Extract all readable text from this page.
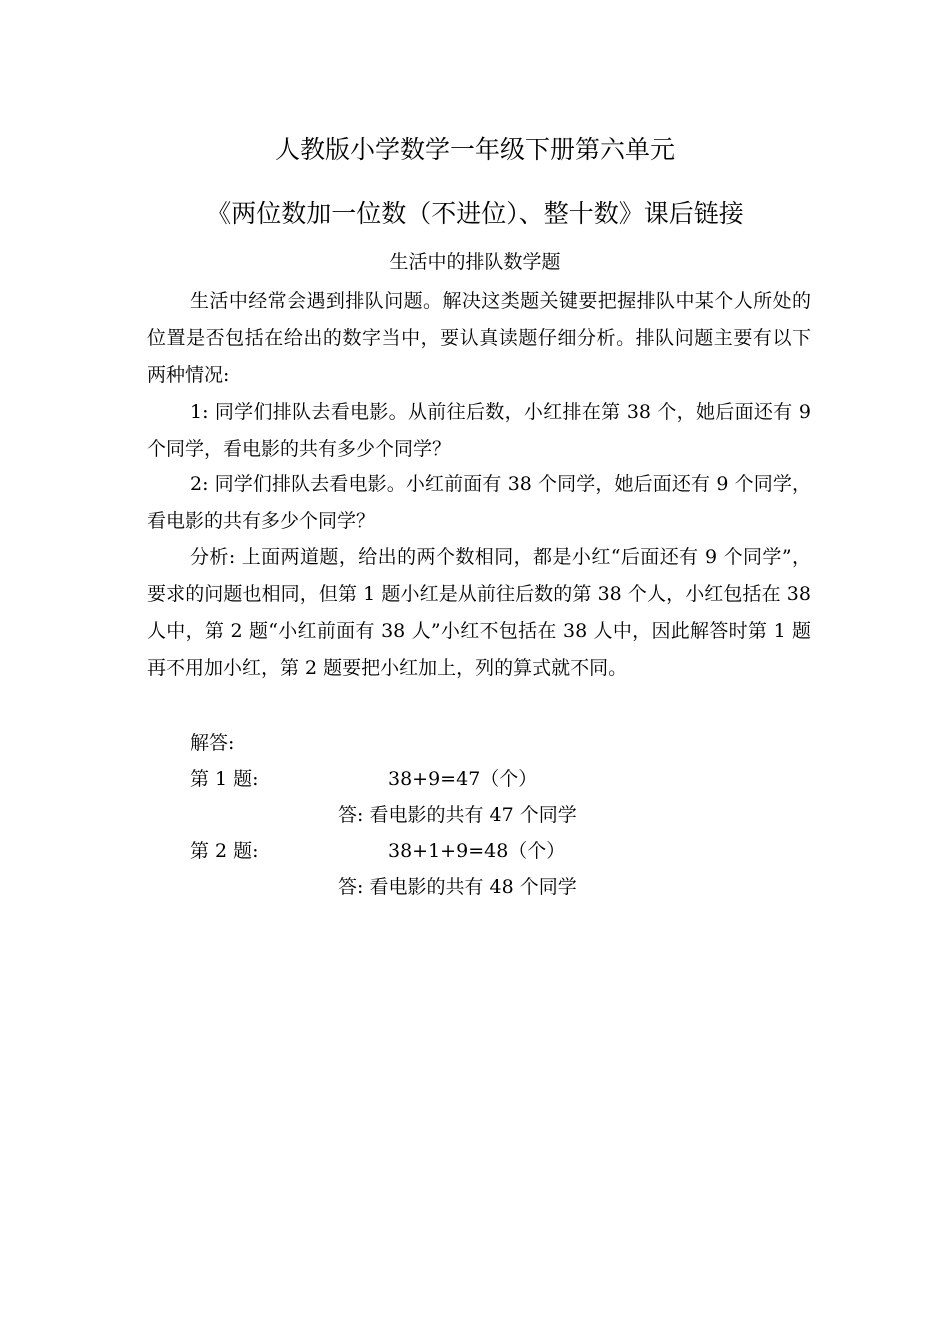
人教版小学数学一年级下册第六单元
《两位数加一位数（不进位）、整十数》课后链接
生活中的排队数学题
生活中经常会遇到排队问题。解决这类题关键要把握排队中某个人所处的位置是否包括在给出的数字当中，要认真读题仔细分析。排队问题主要有以下两种情况:
1: 同学们排队去看电影。从前往后数，小红排在第 38 个，她后面还有 9 个同学，看电影的共有多少个同学？
2: 同学们排队去看电影。小红前面有 38 个同学，她后面还有 9 个同学，看电影的共有多少个同学？
分析: 上面两道题，给出的两个数相同，都是小红“后面还有 9 个同学”，要求的问题也相同，但第 1 题小红是从前往后数的第 38 个人，小红包括在 38 人中，第 2 题“小红前面有 38 人”小红不包括在 38 人中，因此解答时第 1 题再不用加小红，第 2 题要把小红加上，列的算式就不同。
解答:
第 1 题:	38+9=47（个）
答: 看电影的共有 47 个同学
第 2 题:	38+1+9=48（个）
答: 看电影的共有 48 个同学
